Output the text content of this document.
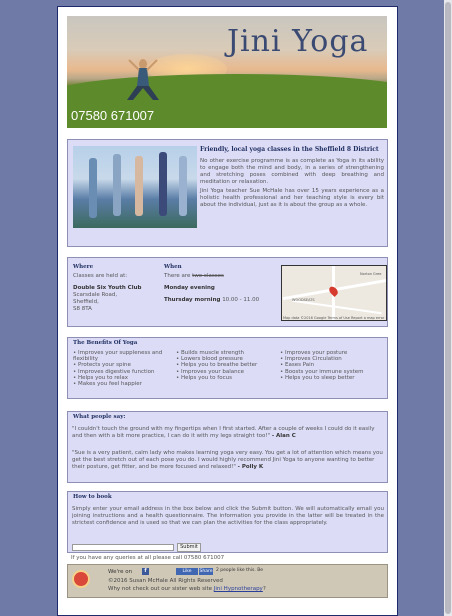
Jini Yoga
07580 671007
Friendly, local yoga classes in the Sheffield 8 District

No other exercise programme is as complete as Yoga in its ability to engage both the mind and body, in a series of strengthening and stretching poses combined with deep breathing and meditation or relaxation.

Jini Yoga teacher Sue McHale has over 15 years experience as a holistic health professional and her teaching style is every bit about the individual, just as it is about the group as a whole.

Where
Classes are held at:
Double Six Youth Club
Scarsdale Road,
Sheffield,
S8 8TA
When
There are two classes
Monday evening
Thursday morning 10.00 - 11.00
Norton Gree
WOODSEATS
Map data ©2016 Google Terms of Use Report a map error
The Benefits Of Yoga
• Improves your suppleness and flexibility
• Protects your spine
• Improves digestive function
• Helps you to relax
• Makes you feel happier
• Builds muscle strength
• Lowers blood pressure
• Helps you to breathe better
• Improves your balance
• Helps you to focus
• Improves your posture
• Improves Circulation
• Eases Pain
• Boosts your immune system
• Helps you to sleep better
What people say:

"I couldn't touch the ground with my fingertips when I first started. After a couple of weeks I could do it easily and then with a bit more practice, I can do it with my legs straight too!" - Alan C

"Sue is a very patient, calm lady who makes learning yoga very easy. You get a lot of attention which means you get the best stretch out of each pose you do. I would highly recommend Jini Yoga to anyone wanting to better their posture, get fitter, and be more focused and relaxed!" - Polly K

How to book

Simply enter your email address in the box below and click the Submit button. We will automatically email you joining instructions and a health questionnaire. The information you provide in the latter will be treated in the strictest confidence and is used so that we can plan the activities for the class appropriately.

Submit
If you have any queries at all please call 07580 671007
We're on	f	Like	Share 2 people like this. Be
©2016 Susan McHale All Rights Reserved
Why not check out our sister web site Jini Hypnotherapy?
